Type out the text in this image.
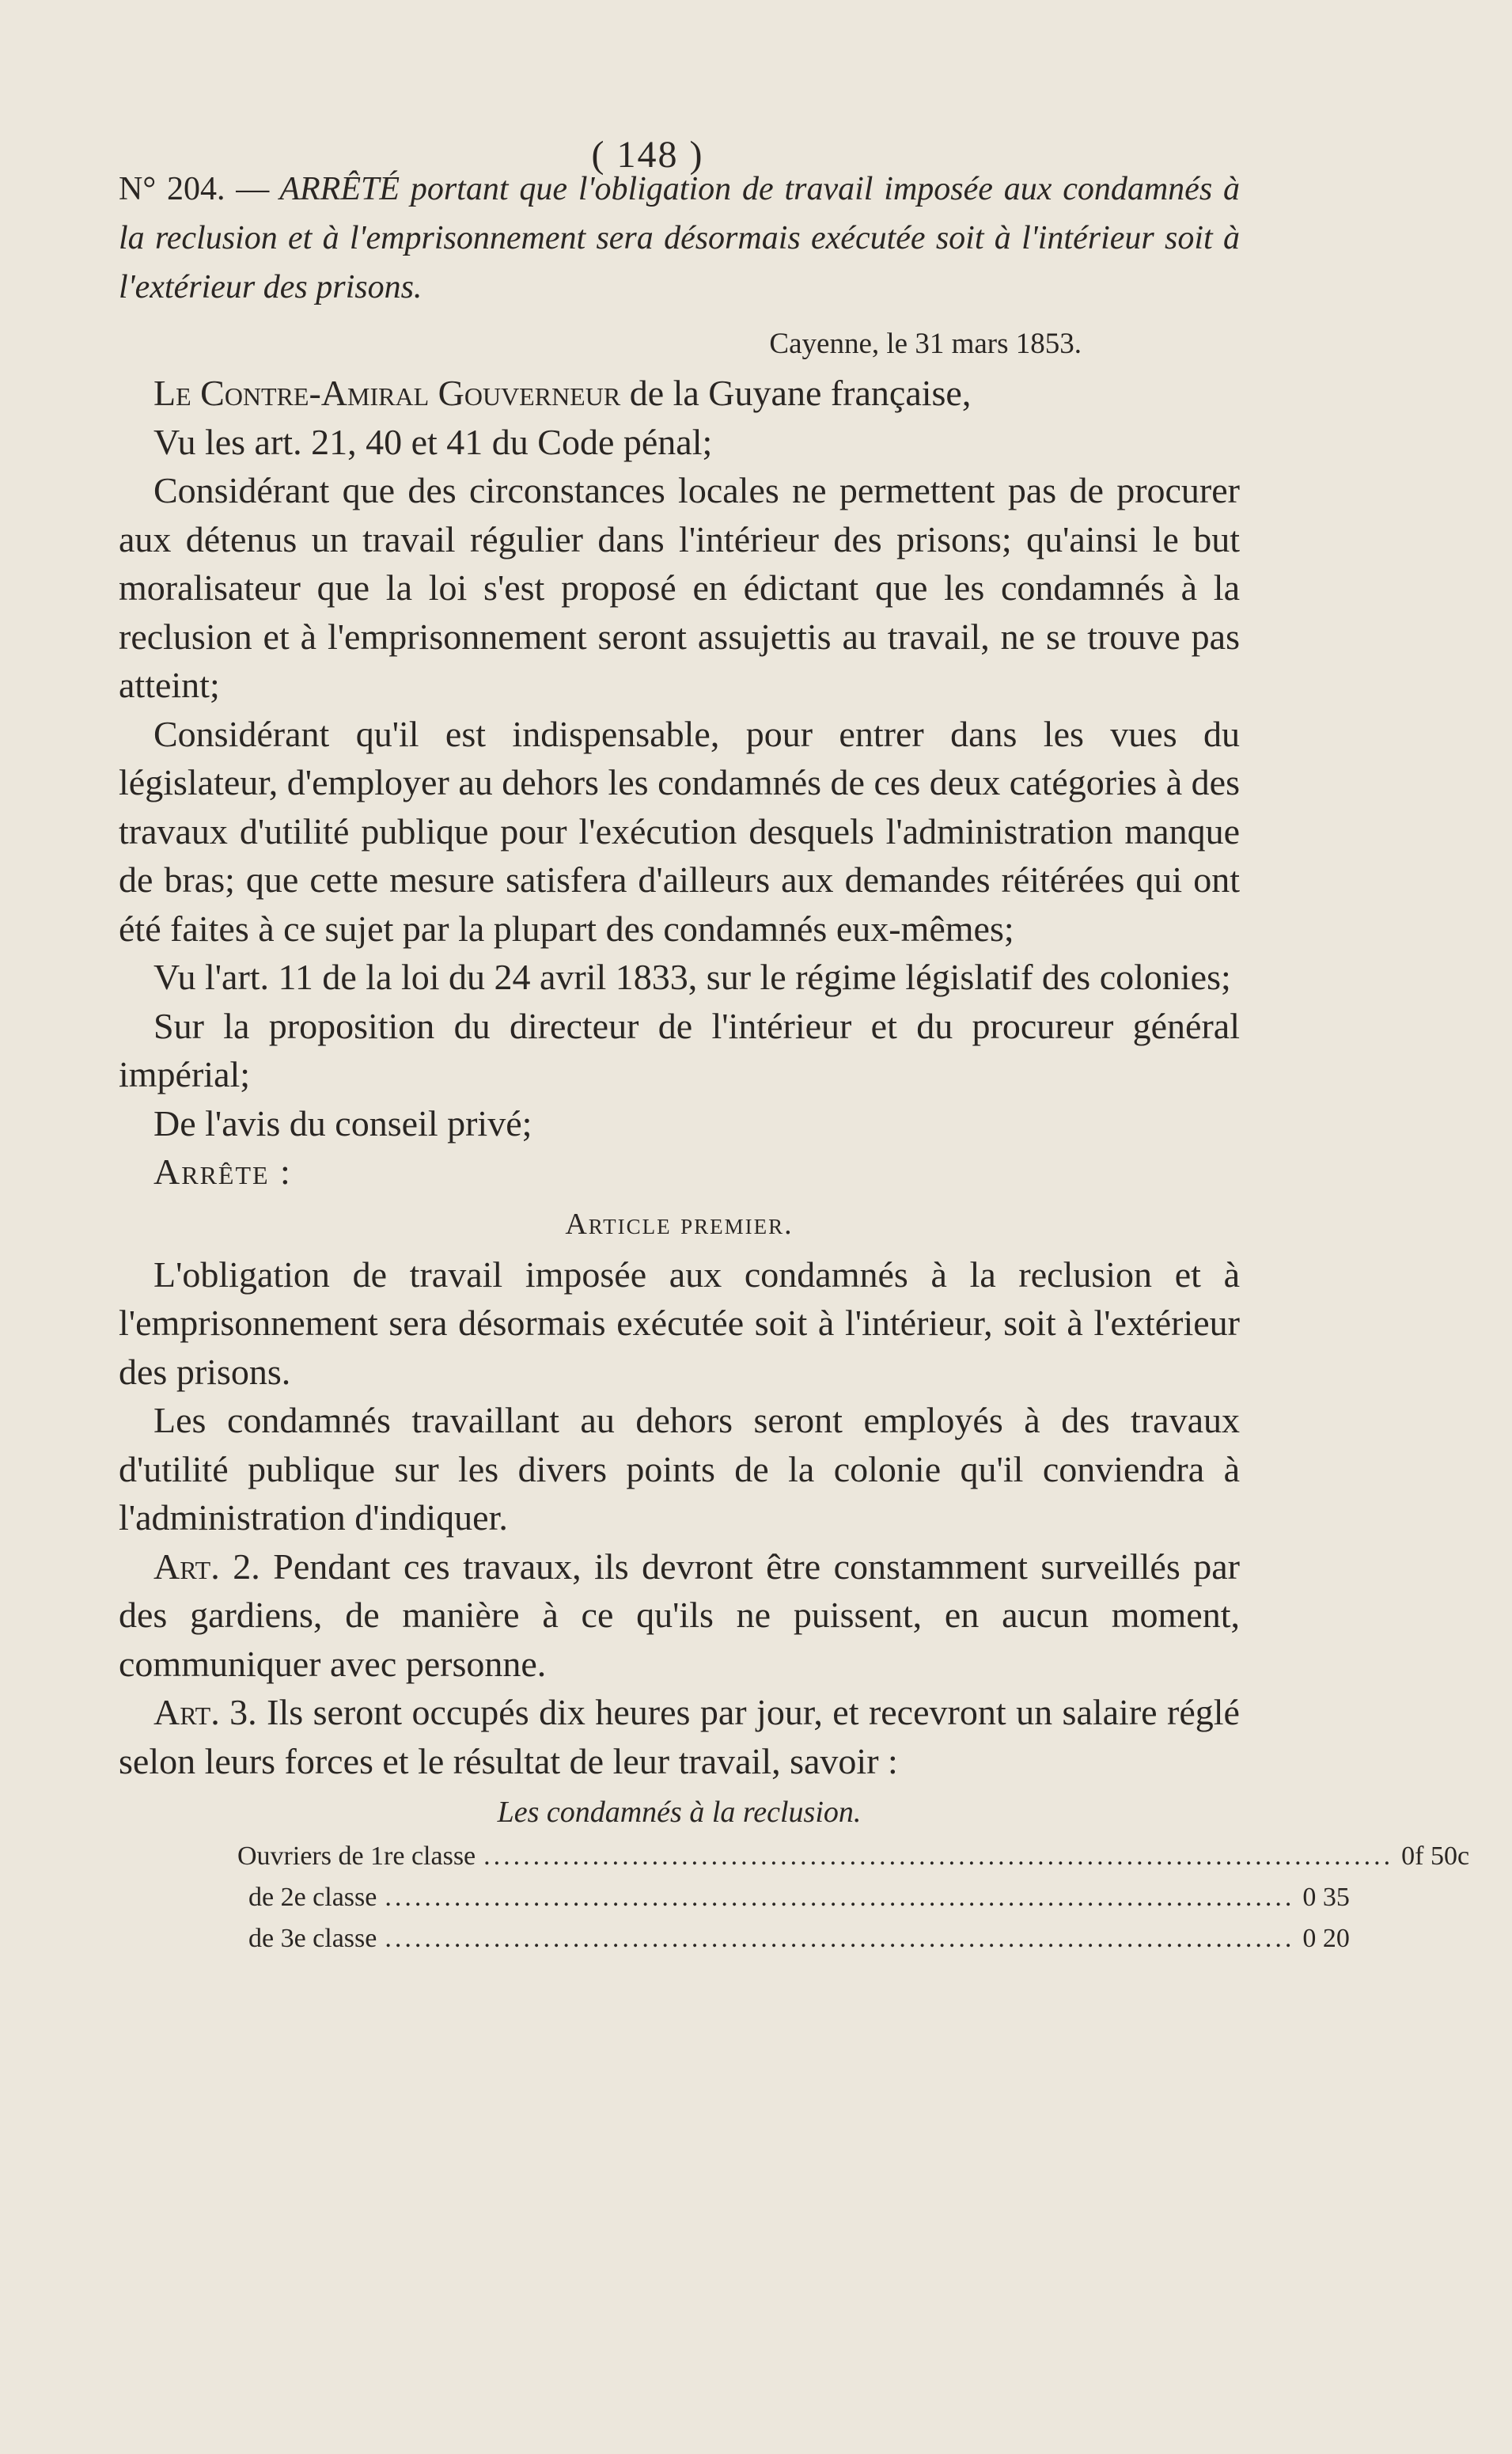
( 148 )
N° 204. — ARRÊTÉ portant que l'obligation de travail imposée aux condamnés à la reclusion et à l'emprisonnement sera désormais exécutée soit à l'intérieur soit à l'extérieur des prisons.
Cayenne, le 31 mars 1853.

Le Contre-Amiral Gouverneur de la Guyane française,

Vu les art. 21, 40 et 41 du Code pénal;

Considérant que des circonstances locales ne permettent pas de procurer aux détenus un travail régulier dans l'intérieur des prisons; qu'ainsi le but moralisateur que la loi s'est proposé en édictant que les condamnés à la reclusion et à l'emprisonnement seront assujettis au travail, ne se trouve pas atteint;

Considérant qu'il est indispensable, pour entrer dans les vues du législateur, d'employer au dehors les condamnés de ces deux catégories à des travaux d'utilité publique pour l'exécution desquels l'administration manque de bras; que cette mesure satisfera d'ailleurs aux demandes réitérées qui ont été faites à ce sujet par la plupart des condamnés eux-mêmes;

Vu l'art. 11 de la loi du 24 avril 1833, sur le régime législatif des colonies;

Sur la proposition du directeur de l'intérieur et du procureur général impérial;

De l'avis du conseil privé;

Arrête :

Article premier.

L'obligation de travail imposée aux condamnés à la reclusion et à l'emprisonnement sera désormais exécutée soit à l'intérieur, soit à l'extérieur des prisons.

Les condamnés travaillant au dehors seront employés à des travaux d'utilité publique sur les divers points de la colonie qu'il conviendra à l'administration d'indiquer.

Art. 2. Pendant ces travaux, ils devront être constamment surveillés par des gardiens, de manière à ce qu'ils ne puissent, en aucun moment, communiquer avec personne.

Art. 3. Ils seront occupés dix heures par jour, et recevront un salaire réglé selon leurs forces et le résultat de leur travail, savoir :

Les condamnés à la reclusion.
Ouvriers de 1re classe ............................................................................................ 0f 50c
de 2e classe ............................................................................................ 0 35
de 3e classe ............................................................................................ 0 20
